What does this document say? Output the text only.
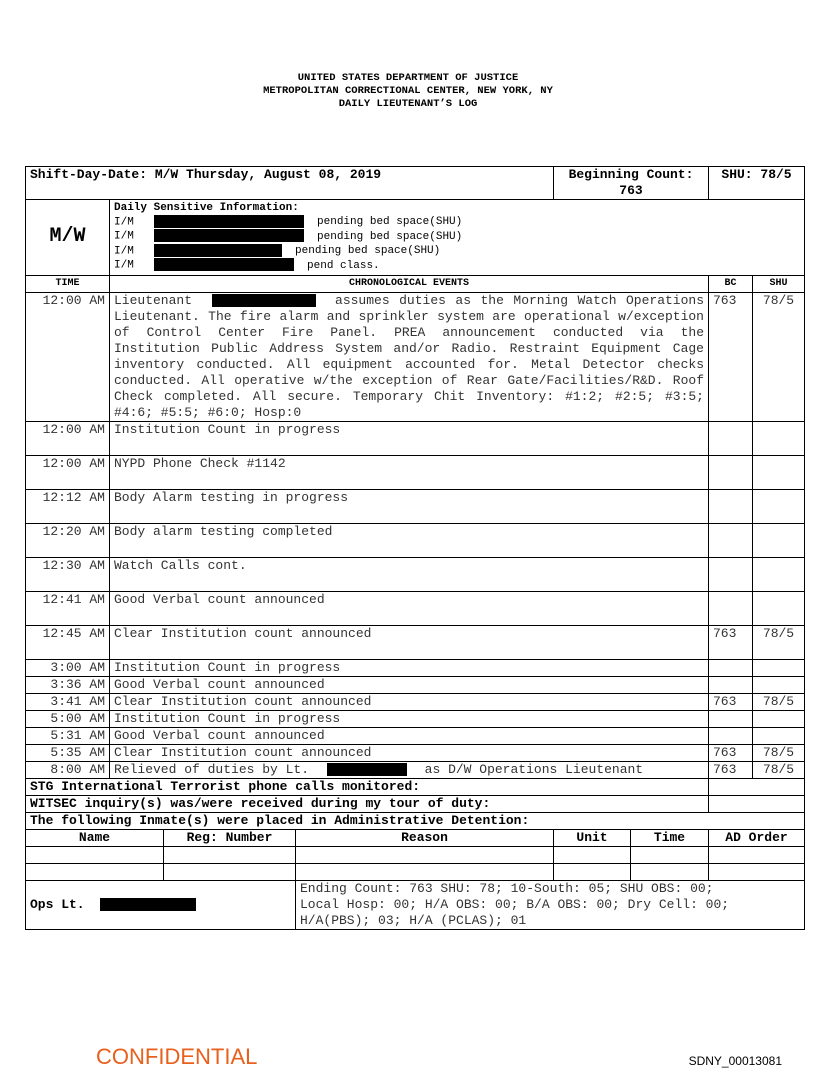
UNITED STATES DEPARTMENT OF JUSTICE
METROPOLITAN CORRECTIONAL CENTER, NEW YORK, NY
DAILY LIEUTENANT’S LOG
Shift-Day-Date: M/W Thursday, August 08, 2019				Beginning Count: 763		SHU: 78/5	
M/W	Daily Sensitive Information:
I/M pending bed space(SHU)
I/M pending bed space(SHU)
I/M pending bed space(SHU)
I/M pend class.						

TIME	CHRONOLOGICAL EVENTS					BC	SHU
12:00 AM	Lieutenant assumes duties as the Morning Watch Operations Lieutenant. The fire alarm and sprinkler system are operational w/exception of Control Center Fire Panel. PREA announcement conducted via the Institution Public Address System and/or Radio. Restraint Equipment Cage inventory conducted. All equipment accounted for. Metal Detector checks conducted. All operative w/the exception of Rear Gate/Facilities/R&D. Roof Check completed. All secure. Temporary Chit Inventory: #1:2; #2:5; #3:5; #4:6; #5:5; #6:0; Hosp:0					763	78/5
12:00 AM	Institution Count in progress						
12:00 AM	NYPD Phone Check #1142						
12:12 AM	Body Alarm testing in progress						
12:20 AM	Body alarm testing completed						
12:30 AM	Watch Calls cont.						
12:41 AM	Good Verbal count announced						
12:45 AM	Clear Institution count announced					763	78/5
3:00 AM	Institution Count in progress						
3:36 AM	Good Verbal count announced						
3:41 AM	Clear Institution count announced					763	78/5
5:00 AM	Institution Count in progress						
5:31 AM	Good Verbal count announced						
5:35 AM	Clear Institution count announced					763	78/5
8:00 AM	Relieved of duties by Lt. as D/W Operations Lieutenant					763	78/5
STG International Terrorist phone calls monitored:							
WITSEC inquiry(s) was/were received during my tour of duty:							
The following Inmate(s) were placed in Administrative Detention:							
Name		Reg: Number	Reason	Unit	Time	AD Order	

Ops Lt.			Ending Count: 763 SHU: 78; 10-South: 05; SHU OBS: 00;
Local Hosp: 00; H/A OBS: 00; B/A OBS: 00; Dry Cell: 00;
H/A(PBS); 03; H/A (PCLAS); 01				
CONFIDENTIAL	SDNY_00013081
